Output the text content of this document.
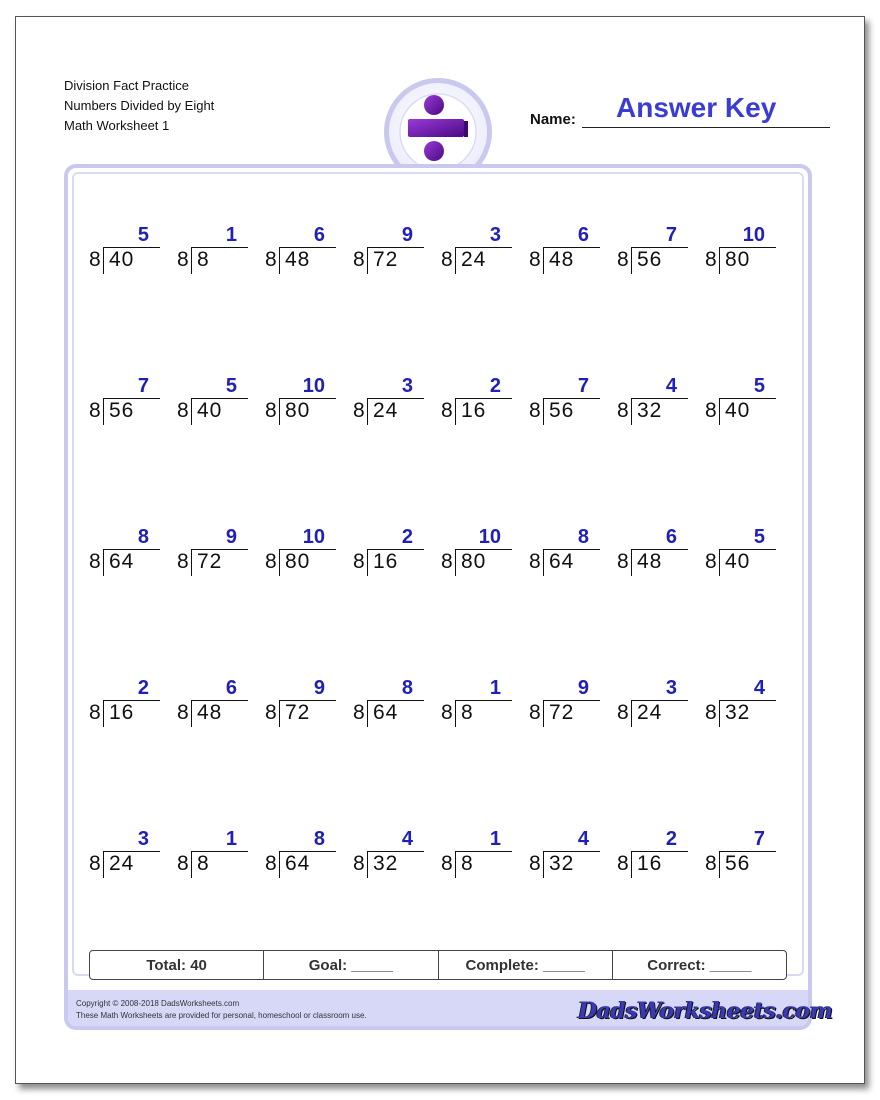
Division Fact Practice
Numbers Divided by Eight
Math Worksheet 1	Name: Answer Key
5
8 40
1
8 8
6
8 48
9
8 72
3
8 24
6
8 48
7
8 56
10
8 80
7
8 56
5
8 40
10
8 80
3
8 24
2
8 16
7
8 56
4
8 32
5
8 40
8
8 64
9
8 72
10
8 80
2
8 16
10
8 80
8
8 64
6
8 48
5
8 40
2
8 16
6
8 48
9
8 72
8
8 64
1
8 8
9
8 72
3
8 24
4
8 32
3
8 24
1
8 8
8
8 64
4
8 32
1
8 8
4
8 32
2
8 16
7
8 56
Total: 40	Goal: _____	Complete: _____	Correct: _____
Copyright © 2008-2018 DadsWorksheets.com
These Math Worksheets are provided for personal, homeschool or classroom use.	DadsWorksheets.com
